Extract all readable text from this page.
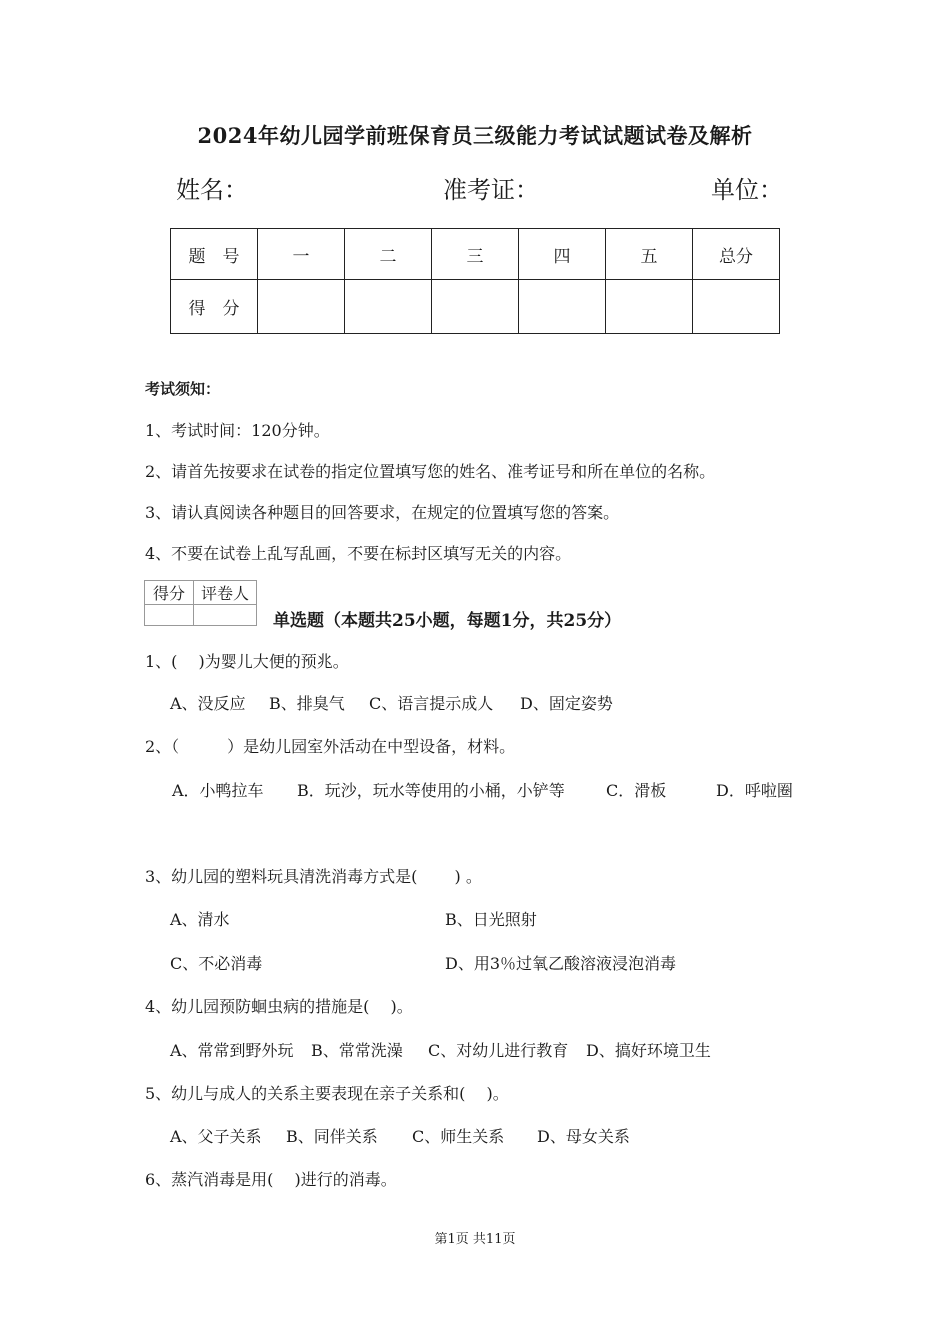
2024年幼儿园学前班保育员三级能力考试试题试卷及解析
姓名：	准考证：	单位：
题　号	一	二	三	四	五	总分
得　分						
考试须知：
1、考试时间：120分钟。
2、请首先按要求在试卷的指定位置填写您的姓名、准考证号和所在单位的名称。
3、请认真阅读各种题目的回答要求，在规定的位置填写您的答案。
4、不要在试卷上乱写乱画，不要在标封区填写无关的内容。
得分	评卷人

单选题（本题共25小题，每题1分，共25分）
1、(　 )为婴儿大便的预兆。
A、没反应 B、排臭气 C、语言提示成人 D、固定姿势
2、（　　　）是幼儿园室外活动在中型设备，材料。
A．小鸭拉车 B．玩沙，玩水等使用的小桶，小铲等	C．滑板	D．呼啦圈
3、幼儿园的塑料玩具清洗消毒方式是(　　 ) 。
A、清水	B、日光照射
C、不必消毒	D、用3％过氧乙酸溶液浸泡消毒
4、幼儿园预防蛔虫病的措施是(　 )。
A、常常到野外玩 B、常常洗澡 C、对幼儿进行教育 D、搞好环境卫生
5、幼儿与成人的关系主要表现在亲子关系和(　 )。
A、父子关系 B、同伴关系 C、师生关系 D、母女关系
6、蒸汽消毒是用(　 )进行的消毒。
第1页 共11页
